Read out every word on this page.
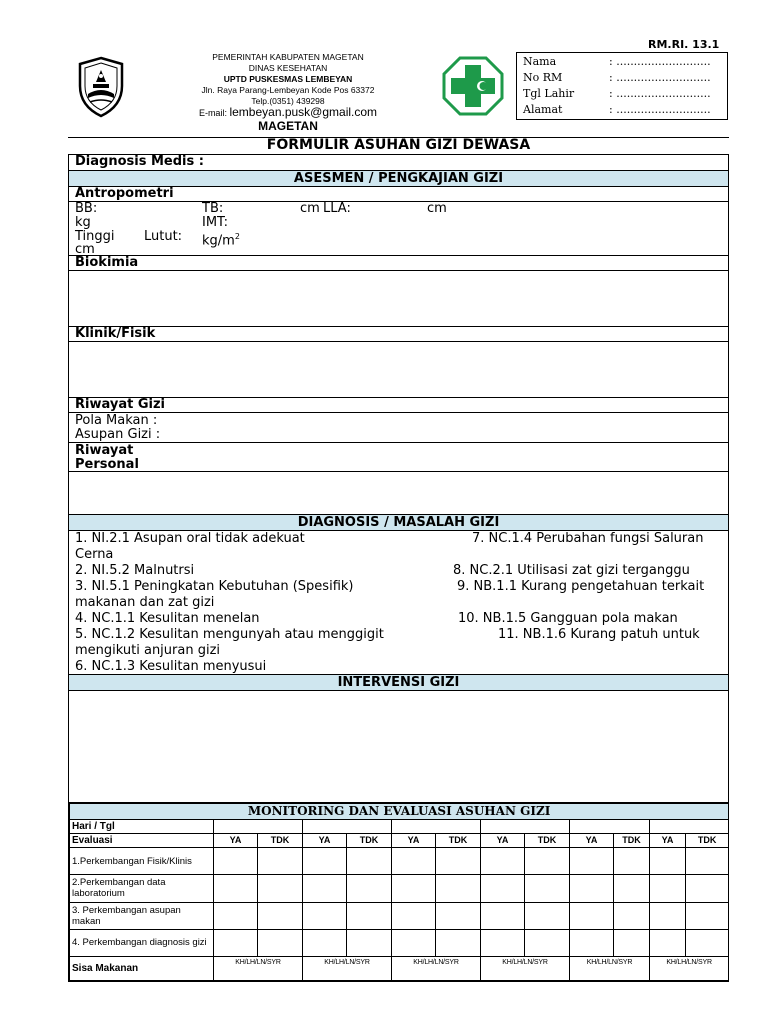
RM.RI. 13.1
PEMERINTAH KABUPATEN MAGETAN
DINAS KESEHATAN
UPTD PUSKESMAS LEMBEYAN
Jln. Raya Parang-Lembeyan Kode Pos 63372
Telp.(0351) 439298
E-mail: lembeyan.pusk@gmail.com
MAGETAN
Nama	: ...........................
No RM	: ...........................
Tgl Lahir	: ...........................
Alamat	: ...........................
FORMULIR ASUHAN GIZI DEWASA
Diagnosis Medis :
ASESMEN / PENGKAJIAN GIZI
Antropometri
BB:
kg
TB:
IMT:
cm LLA:	cm
Tinggi Lutut: $kg/m^2$
cm
Biokimia
Klinik/Fisik
Riwayat Gizi
Pola Makan :
Asupan Gizi :
Riwayat
Personal
DIAGNOSIS / MASALAH GIZI
1. NI.2.1 Asupan oral tidak adekuat
Cerna
7. NC.1.4 Perubahan fungsi Saluran
2. NI.5.2 Malnutrsi	8. NC.2.1 Utilisasi zat gizi terganggu
3. NI.5.1 Peningkatan Kebutuhan (Spesifik)	9. NB.1.1 Kurang pengetahuan terkait
makanan dan zat gizi
4. NC.1.1 Kesulitan menelan	10. NB.1.5 Gangguan pola makan
5. NC.1.2 Kesulitan mengunyah atau menggigit	11. NB.1.6 Kurang patuh untuk
mengikuti anjuran gizi
6. NC.1.3 Kesulitan menyusui
INTERVENSI GIZI
MONITORING DAN EVALUASI ASUHAN GIZI												
Hari / Tgl												
Evaluasi	YA	TDK	YA	TDK	YA	TDK	YA	TDK	YA	TDK	YA	TDK
1.Perkembangan Fisik/Klinis												
2.Perkembangan data laboratorium												
3. Perkembangan asupan makan												
4. Perkembangan diagnosis gizi												
Sisa Makanan	KH/LH/LN/SYR		KH/LH/LN/SYR		KH/LH/LN/SYR		KH/LH/LN/SYR		KH/LH/LN/SYR		KH/LH/LN/SYR	
